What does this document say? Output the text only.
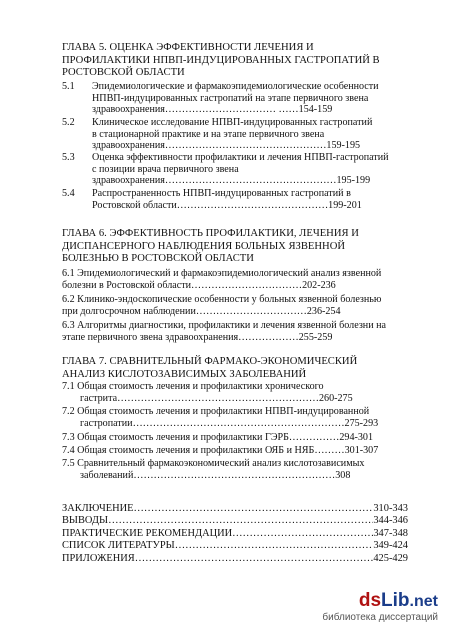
ГЛАВА 5. ОЦЕНКА ЭФФЕКТИВНОСТИ ЛЕЧЕНИЯ И
ПРОФИЛАКТИКИ НПВП-ИНДУЦИРОВАННЫХ ГАСТРОПАТИЙ В
РОСТОВСКОЙ ОБЛАСТИ
5.1 Эпидемиологические и фармакоэпидемиологические особенности
НПВП-индуцированных гастропатий на этапе первичного звена
здравоохранения…………………………… ……154-159
5.2 Клиническое исследование НПВП-индуцированных гастропатий
в стационарной практике и на этапе первичного звена
здравоохранения…………………………………………159-195
5.3 Оценка эффективности профилактики и лечения НПВП-гастропатий
с позиции врача первичного звена
здравоохранения……………………………………………195-199
5.4 Распространенность НПВП-индуцированных гастропатий в
Ростовской области………………………………………199-201
ГЛАВА 6. ЭФФЕКТИВНОСТЬ ПРОФИЛАКТИКИ, ЛЕЧЕНИЯ И
ДИСПАНСЕРНОГО НАБЛЮДЕНИЯ БОЛЬНЫХ ЯЗВЕННОЙ
БОЛЕЗНЬЮ В РОСТОВСКОЙ ОБЛАСТИ
6.1 Эпидемиологический и фармакоэпидемиологический анализ язвенной
болезни в Ростовской области……………………………202-236
6.2 Клинико-эндоскопические особенности у больных язвенной болезнью
при долгосрочном наблюдении……………………………236-254
6.3 Алгоритмы диагностики, профилактики и лечения язвенной болезни на
этапе первичного звена здравоохранения………………255-259
ГЛАВА 7. СРАВНИТЕЛЬНЫЙ ФАРМАКО-ЭКОНОМИЧЕСКИЙ
АНАЛИЗ КИСЛОТОЗАВИСИМЫХ ЗАБОЛЕВАНИЙ
7.1 Общая стоимость лечения и профилактики хронического
гастрита……………………………………………………260-275
7.2 Общая стоимость лечения и профилактики НПВП-индуцированной
гастропатии………………………………………………………275-293
7.3 Общая стоимость лечения и профилактики ГЭРБ……………294-301
7.4 Общая стоимость лечения и профилактики ОЯБ и НЯБ………301-307
7.5 Сравнительный фармакоэкономический анализ кислотозависимых
заболеваний……………………………………………………308
ЗАКЛЮЧЕНИЕ …………………………………………………………………………………………………………………………	310-343
ВЫВОДЫ …………………………………………………………………………………………………………………………	344-346
ПРАКТИЧЕСКИЕ РЕКОМЕНДАЦИИ …………………………………………………………………………………………………………………………	347-348
СПИСОК ЛИТЕРАТУРЫ …………………………………………………………………………………………………………………………	349-424
ПРИЛОЖЕНИЯ …………………………………………………………………………………………………………………………	425-429
dsLib.net
библиотека диссертаций
